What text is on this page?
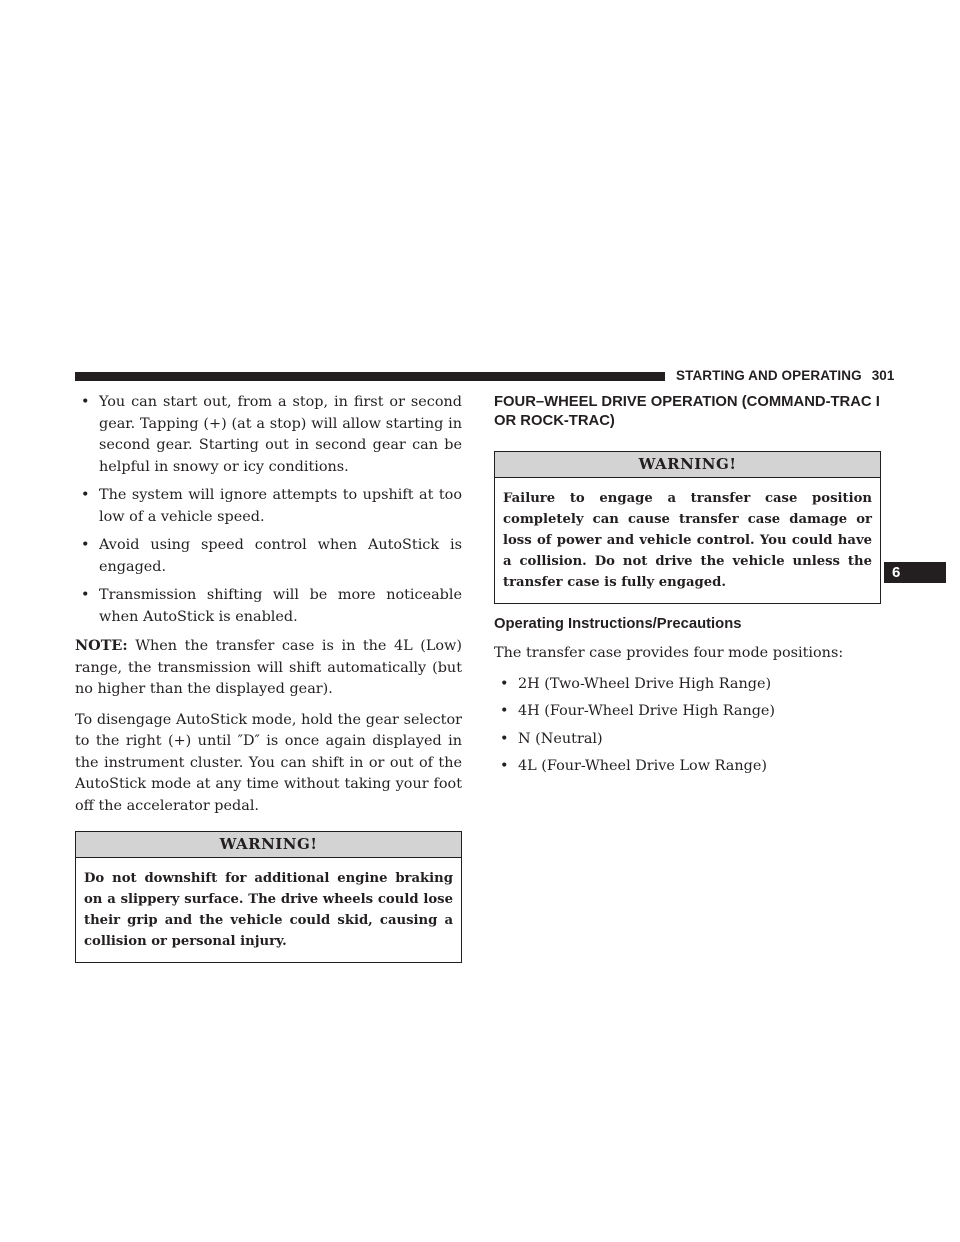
STARTING AND OPERATING 301
6
• You can start out, from a stop, in first or second gear. Tapping (+) (at a stop) will allow starting in second gear. Starting out in second gear can be helpful in snowy or icy conditions.
• The system will ignore attempts to upshift at too low of a vehicle speed.
• Avoid using speed control when AutoStick is engaged.
• Transmission shifting will be more noticeable when AutoStick is enabled.

NOTE: When the transfer case is in the 4L (Low) range, the transmission will shift automatically (but no higher than the displayed gear).

To disengage AutoStick mode, hold the gear selector to the right (+) until ″D″ is once again displayed in the instrument cluster. You can shift in or out of the AutoStick mode at any time without taking your foot off the accelerator pedal.

WARNING!
Do not downshift for additional engine braking on a slippery surface. The drive wheels could lose their grip and the vehicle could skid, causing a collision or personal injury.
FOUR–WHEEL DRIVE OPERATION (COMMAND-TRAC I OR ROCK-TRAC)
WARNING!
Failure to engage a transfer case position completely can cause transfer case damage or loss of power and vehicle control. You could have a collision. Do not drive the vehicle unless the transfer case is fully engaged.
Operating Instructions/Precautions

The transfer case provides four mode positions:

• 2H (Two-Wheel Drive High Range)
• 4H (Four-Wheel Drive High Range)
• N (Neutral)
• 4L (Four-Wheel Drive Low Range)
